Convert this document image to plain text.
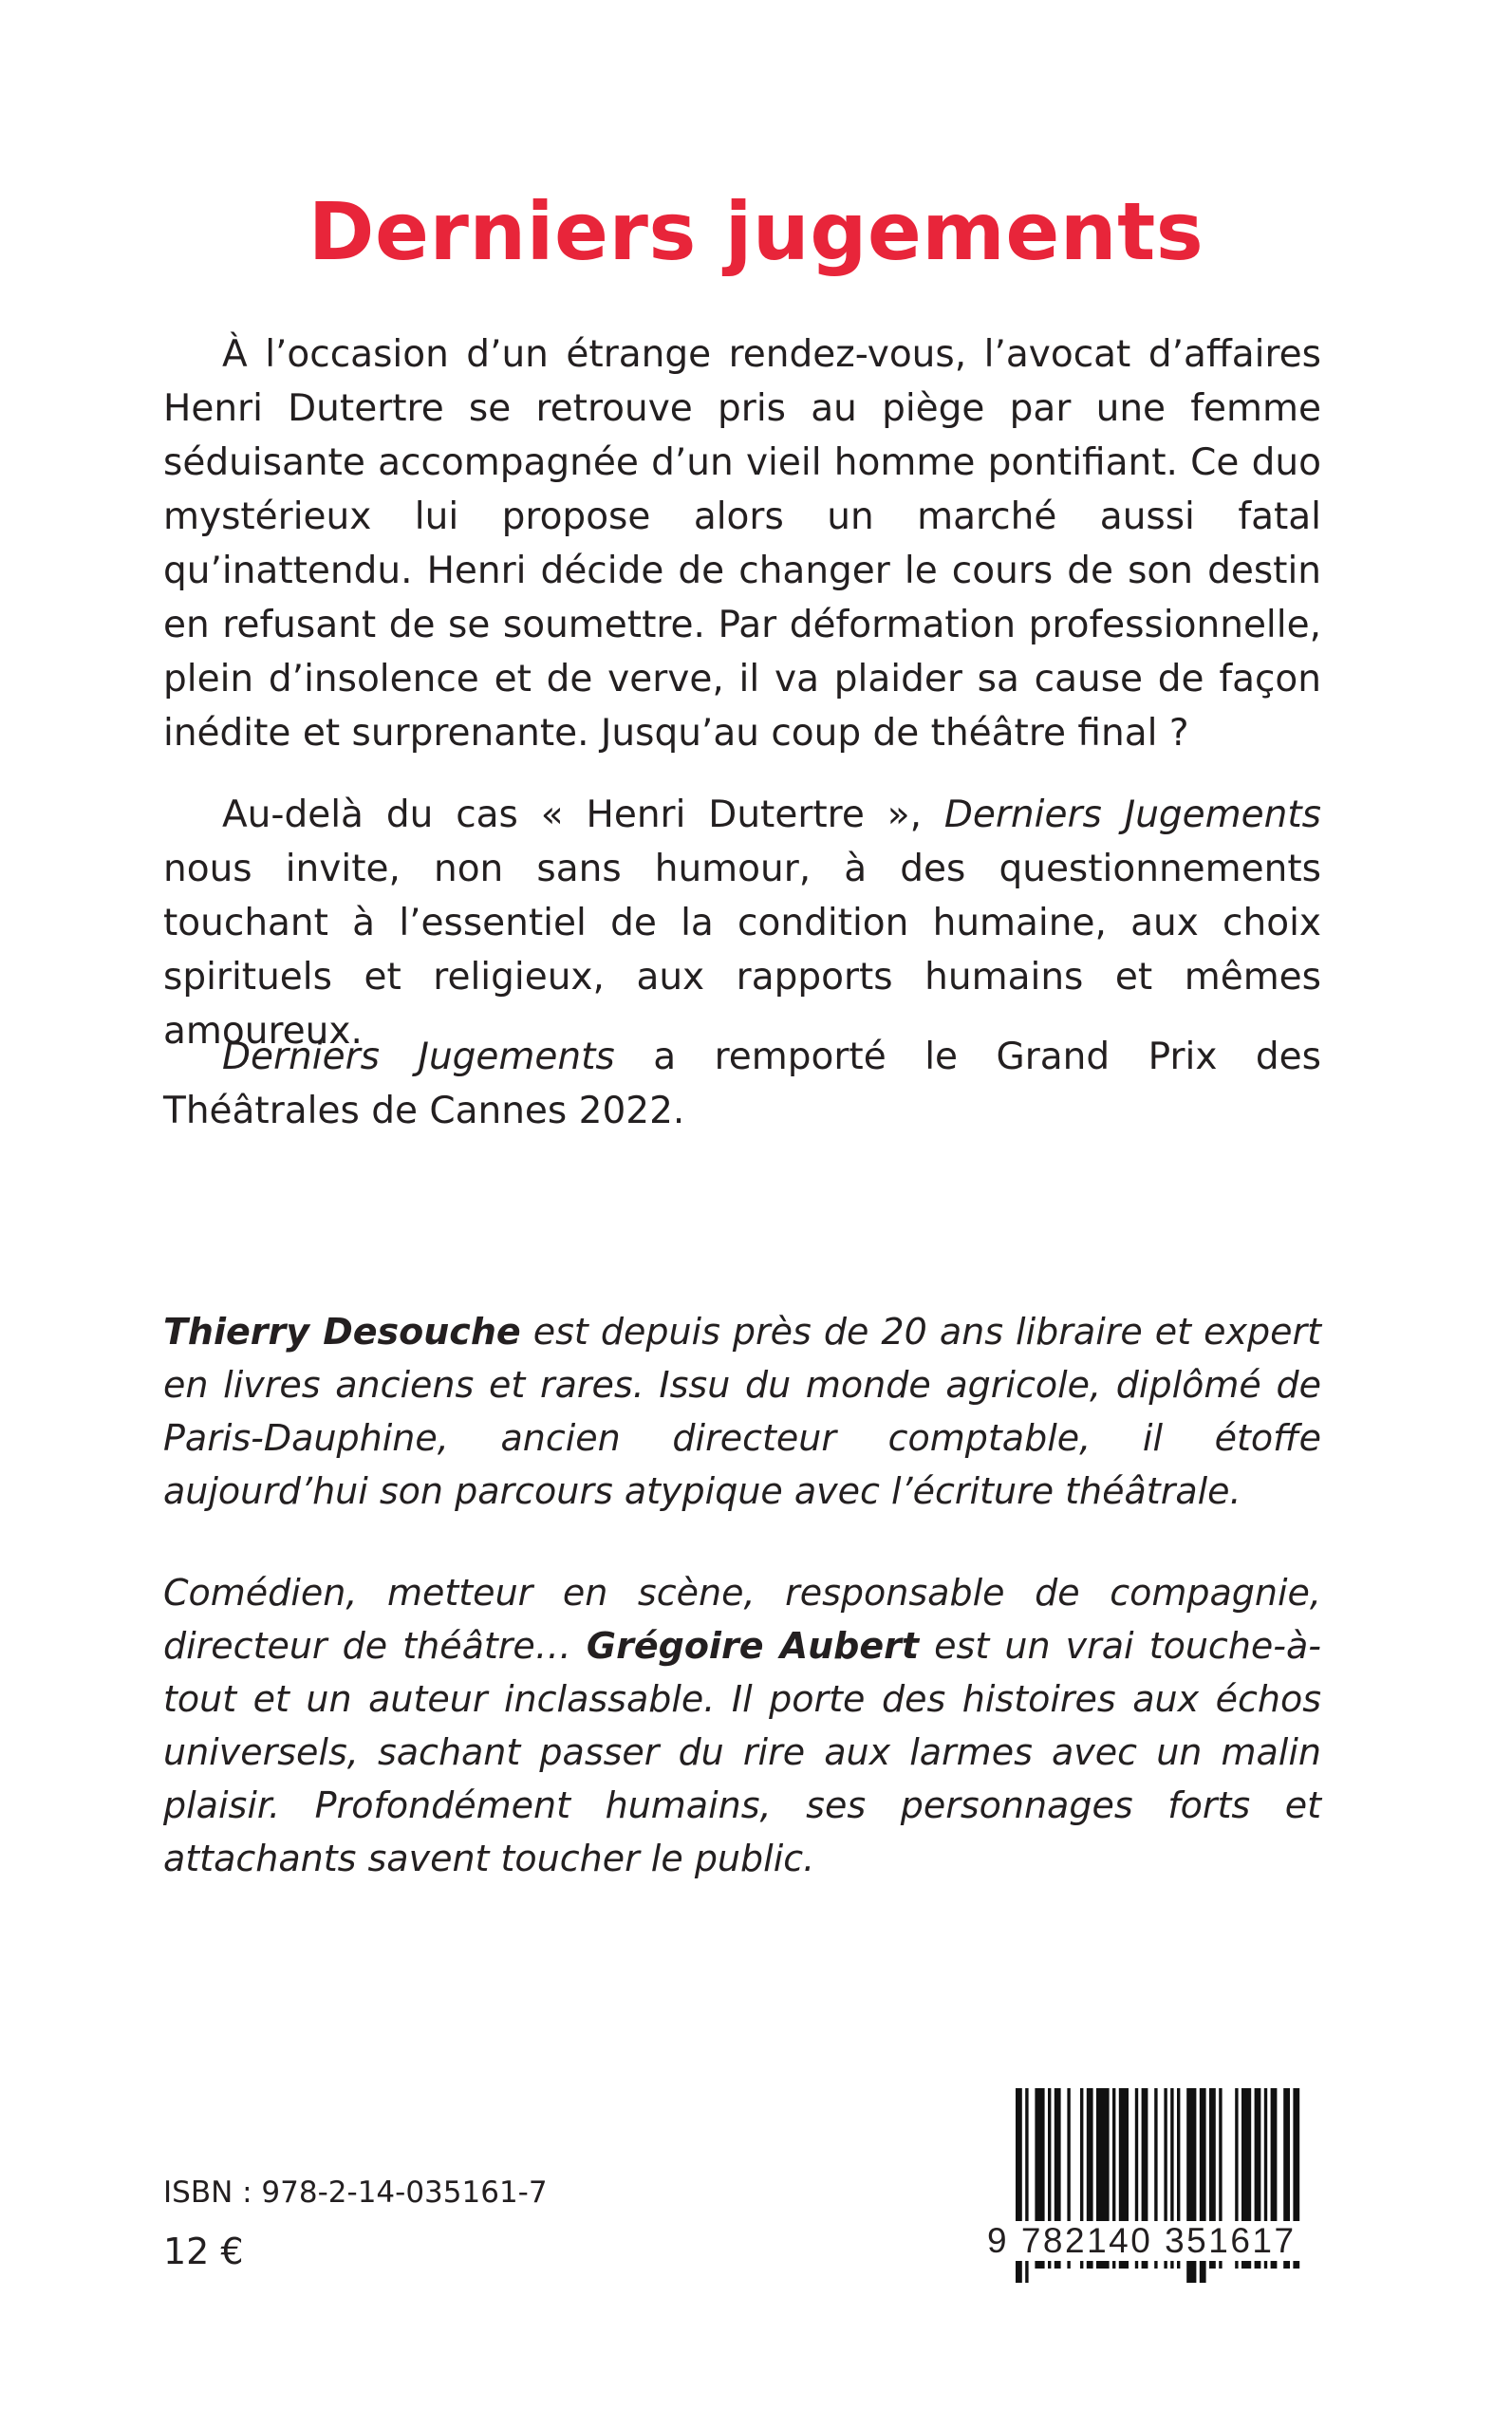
Derniers jugements

À l’occasion d’un étrange rendez-vous, l’avocat d’affaires Henri Dutertre se retrouve pris au piège par une femme séduisante accompagnée d’un vieil homme pontifiant. Ce duo mystérieux lui propose alors un marché aussi fatal qu’inattendu. Henri décide de changer le cours de son destin en refusant de se soumettre. Par déformation professionnelle, plein d’insolence et de verve, il va plaider sa cause de façon inédite et surprenante. Jusqu’au coup de théâtre final ?

Au-delà du cas « Henri Dutertre », Derniers Jugements nous invite, non sans humour, à des questionnements touchant à l’essentiel de la condition humaine, aux choix spirituels et religieux, aux rapports humains et mêmes amoureux.

Derniers Jugements a remporté le Grand Prix des Théâtrales de Cannes 2022.

Thierry Desouche est depuis près de 20 ans libraire et expert en livres anciens et rares. Issu du monde agricole, diplômé de Paris-Dauphine, ancien directeur comptable, il étoffe aujourd’hui son parcours atypique avec l’écriture théâtrale.

Comédien, metteur en scène, responsable de compagnie, directeur de théâtre… Grégoire Aubert est un vrai touche-à-tout et un auteur inclassable. Il porte des histoires aux échos universels, sachant passer du rire aux larmes avec un malin plaisir. Profondément humains, ses personnages forts et attachants savent toucher le public.

ISBN : 978-2-14-035161-7
12 €	9 782140 351617
